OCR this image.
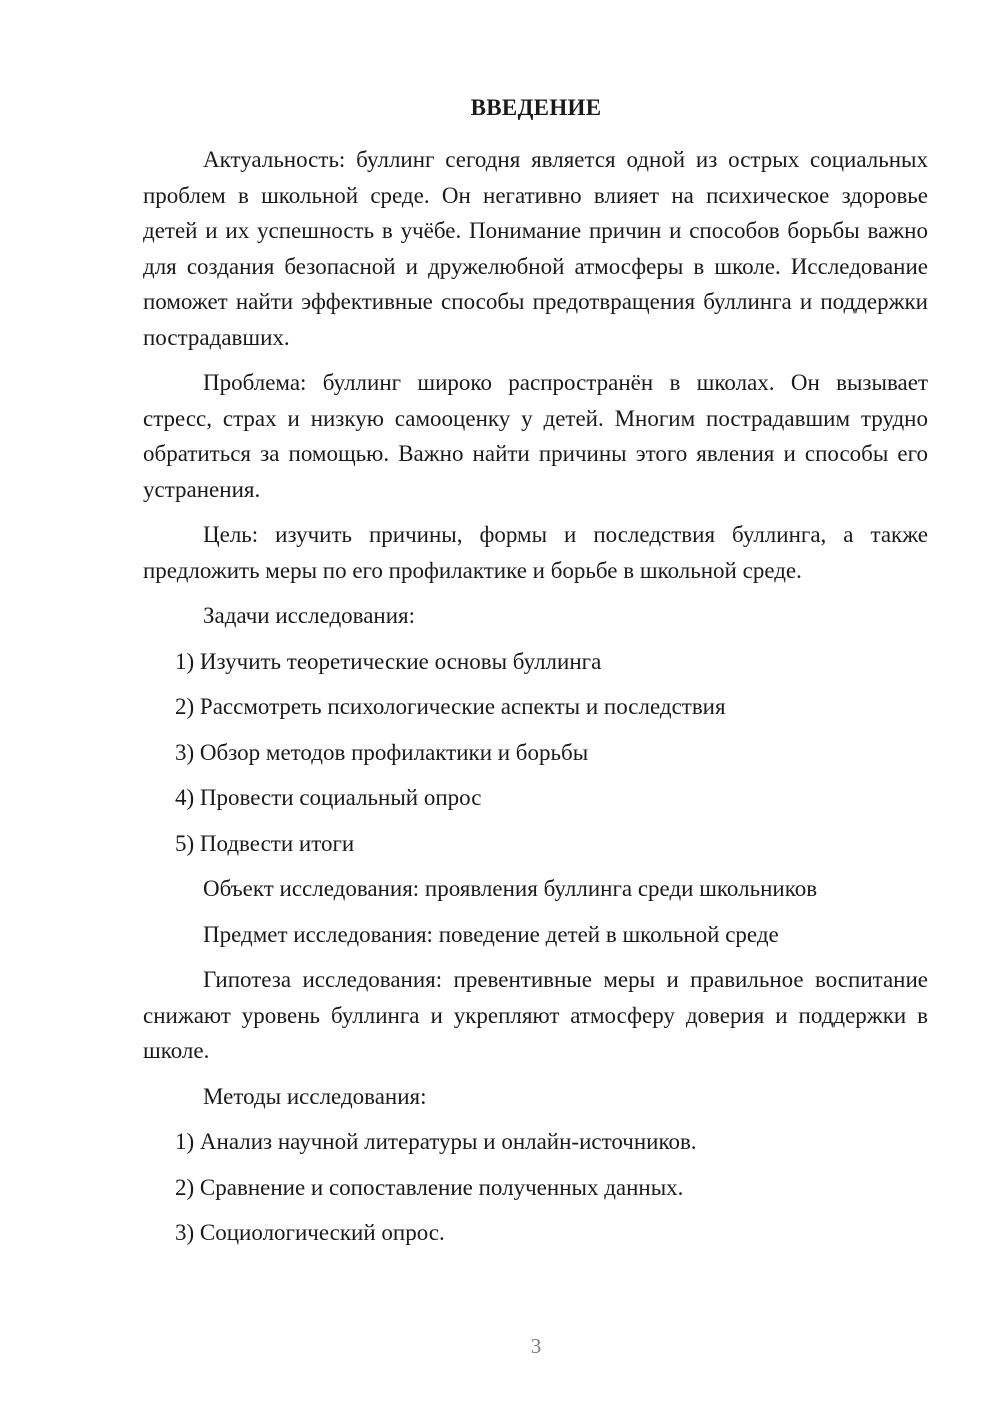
ВВЕДЕНИЕ

Актуальность: буллинг сегодня является одной из острых социальных проблем в школьной среде. Он негативно влияет на психическое здоровье детей и их успешность в учёбе. Понимание причин и способов борьбы важно для создания безопасной и дружелюбной атмосферы в школе. Исследование поможет найти эффективные способы предотвращения буллинга и поддержки пострадавших.

Проблема: буллинг широко распространён в школах. Он вызывает стресс, страх и низкую самооценку у детей. Многим пострадавшим трудно обратиться за помощью. Важно найти причины этого явления и способы его устранения.

Цель: изучить причины, формы и последствия буллинга, а также предложить меры по его профилактике и борьбе в школьной среде.

Задачи исследования:

1) Изучить теоретические основы буллинга

2) Рассмотреть психологические аспекты и последствия

3) Обзор методов профилактики и борьбы

4) Провести социальный опрос

5) Подвести итоги

Объект исследования: проявления буллинга среди школьников

Предмет исследования: поведение детей в школьной среде

Гипотеза исследования: превентивные меры и правильное воспитание снижают уровень буллинга и укрепляют атмосферу доверия и поддержки в школе.

Методы исследования:

1) Анализ научной литературы и онлайн-источников.

2) Сравнение и сопоставление полученных данных.

3) Социологический опрос.

3
